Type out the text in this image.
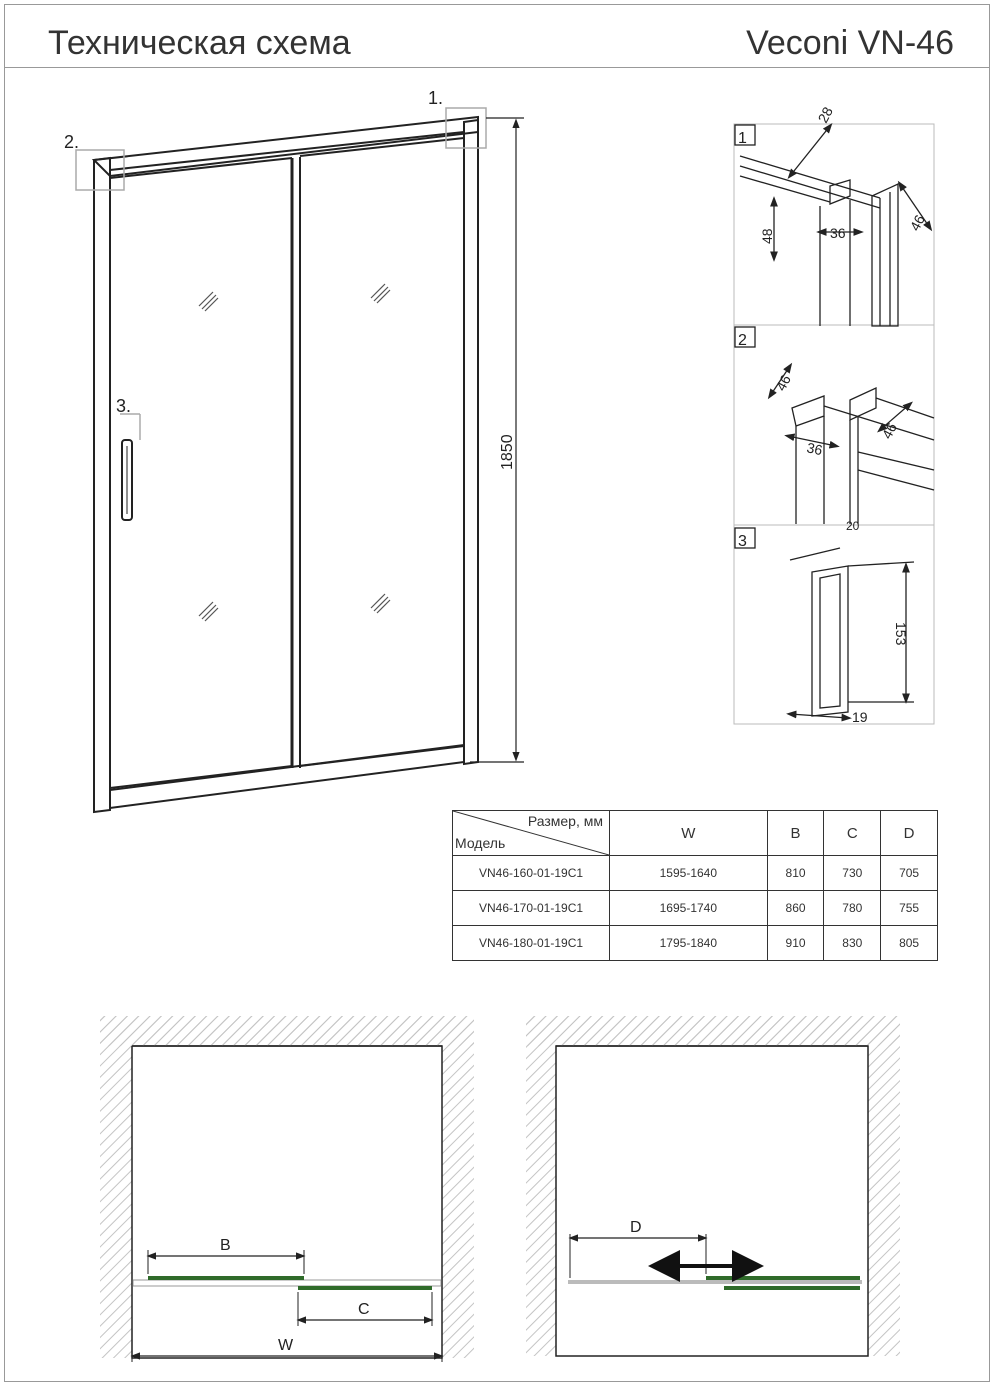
Техническая схема	Veconi VN-46
1.
2.
3.
1850
1
28
48	36	46
2
46
36
46
20
3
153
19
B
C
W
D
Размер, мм
Модель	W	B	C	D
VN46-160-01-19C1	1595-1640	810	730	705
VN46-170-01-19C1	1695-1740	860	780	755
VN46-180-01-19C1	1795-1840	910	830	805
